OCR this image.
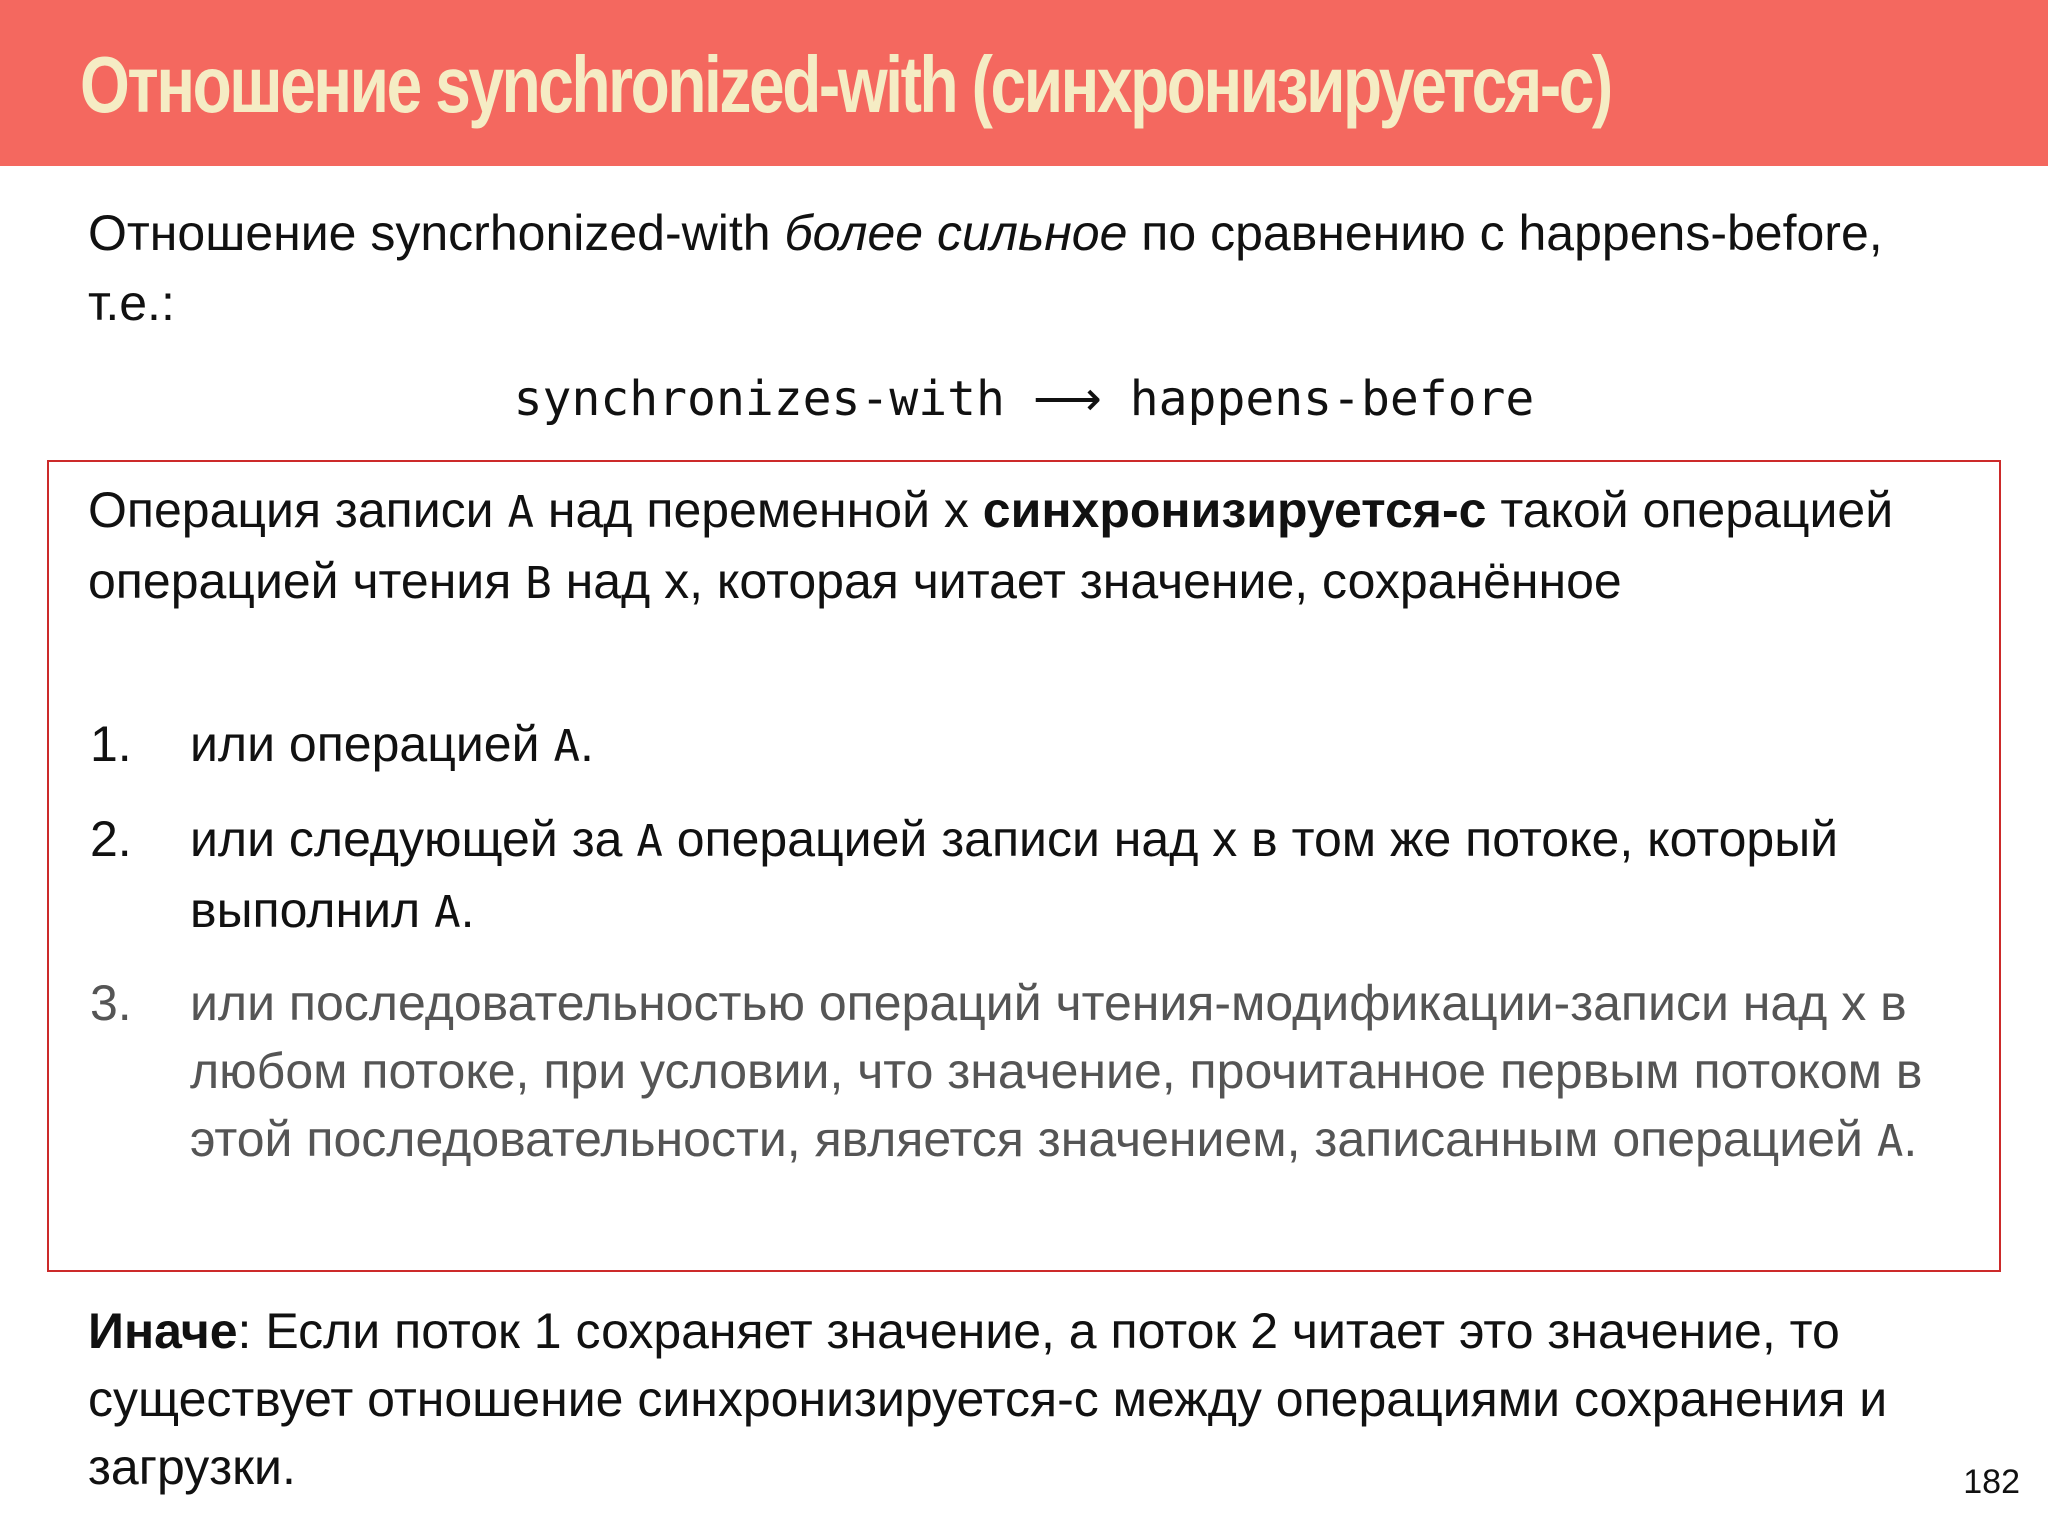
Отношение synchronized-with (синхронизируется-с)
Отношение syncrhonized-with более сильное по сравнению с happens-before, т.е.:
synchronizes-with ⟶ happens-before
Операция записи A над переменной x синхронизируется-с такой операцией операцией чтения B над x, которая читает значение, сохранённое
1. или операцией A.
2. или следующей за A операцией записи над x в том же потоке, который выполнил A.
3. или последовательностью операций чтения-модификации-записи над x в любом потоке, при условии, что значение, прочитанное первым потоком в этой последовательности, является значением, записанным операцией A.
Иначе: Если поток 1 сохраняет значение, а поток 2 читает это значение, то существует отношение синхронизируется-с между операциями сохранения и загрузки.	182
